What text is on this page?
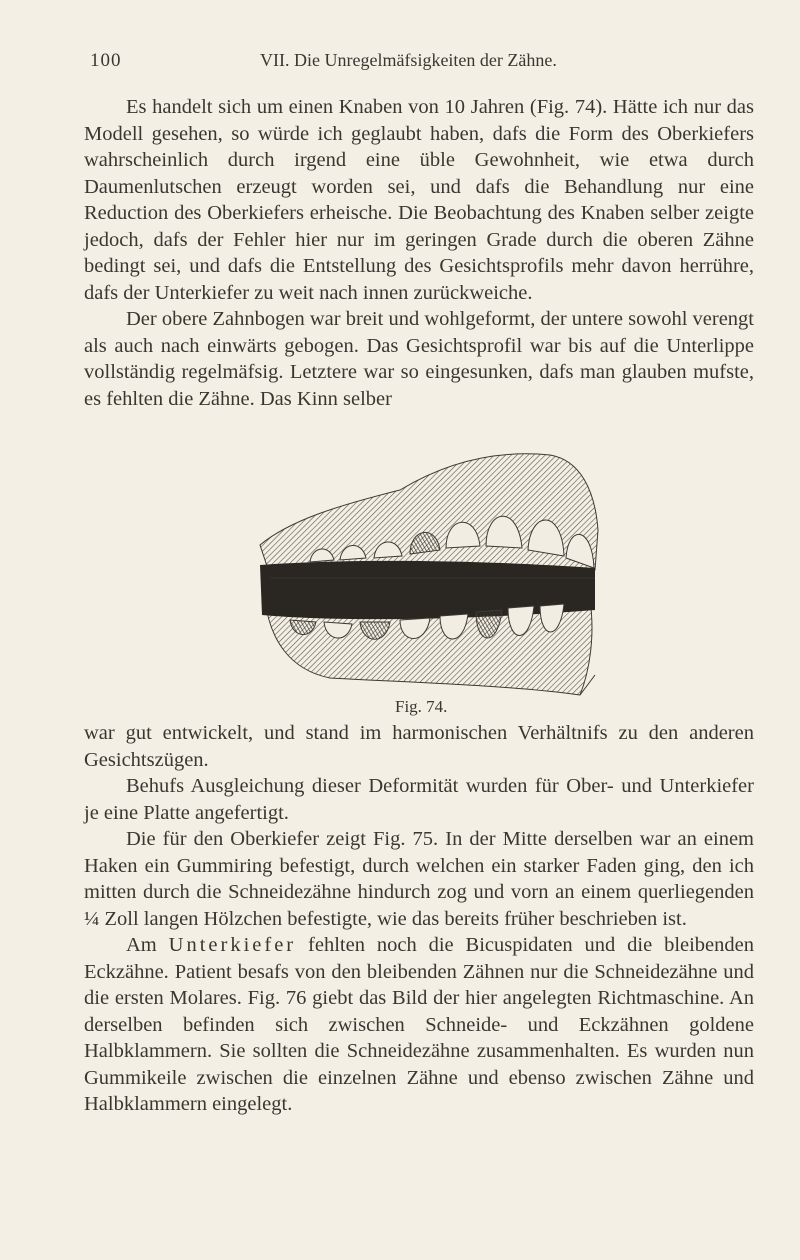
100	VII. Die Unregelmäfsigkeiten der Zähne.

Es handelt sich um einen Knaben von 10 Jahren (Fig. 74). Hätte ich nur das Modell gesehen, so würde ich geglaubt haben, dafs die Form des Oberkiefers wahrscheinlich durch irgend eine üble Gewohnheit, wie etwa durch Daumenlutschen erzeugt worden sei, und dafs die Behandlung nur eine Reduction des Oberkiefers erheische. Die Beobachtung des Knaben selber zeigte jedoch, dafs der Fehler hier nur im geringen Grade durch die oberen Zähne bedingt sei, und dafs die Entstellung des Gesichtsprofils mehr davon herrühre, dafs der Unterkiefer zu weit nach innen zurückweiche.

Der obere Zahnbogen war breit und wohlgeformt, der untere sowohl verengt als auch nach einwärts gebogen. Das Gesichtsprofil war bis auf die Unterlippe vollständig regelmäfsig. Letztere war so eingesunken, dafs man glauben mufste, es fehlten die Zähne. Das Kinn selber

Fig. 74.

war gut entwickelt, und stand im harmonischen Verhältnifs zu den anderen Gesichtszügen.

Behufs Ausgleichung dieser Deformität wurden für Ober- und Unterkiefer je eine Platte angefertigt.

Die für den Oberkiefer zeigt Fig. 75. In der Mitte derselben war an einem Haken ein Gummiring befestigt, durch welchen ein starker Faden ging, den ich mitten durch die Schneidezähne hindurch zog und vorn an einem querliegenden ¼ Zoll langen Hölzchen befestigte, wie das bereits früher beschrieben ist.

Am Unterkiefer fehlten noch die Bicuspidaten und die bleibenden Eckzähne. Patient besafs von den bleibenden Zähnen nur die Schneidezähne und die ersten Molares. Fig. 76 giebt das Bild der hier angelegten Richtmaschine. An derselben befinden sich zwischen Schneide- und Eckzähnen goldene Halbklammern. Sie sollten die Schneidezähne zusammenhalten. Es wurden nun Gummikeile zwischen die einzelnen Zähne und ebenso zwischen Zähne und Halbklammern eingelegt.
